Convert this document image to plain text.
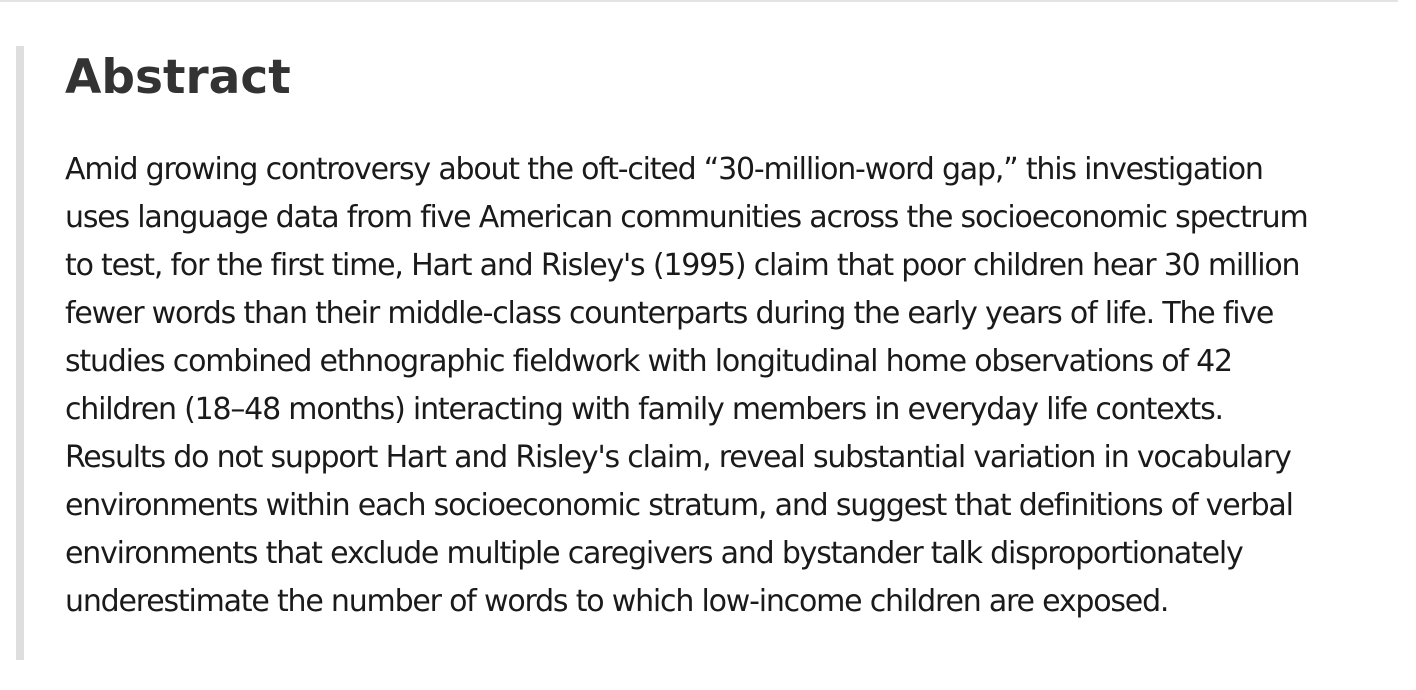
Abstract

Amid growing controversy about the oft-cited “30-million-word gap,” this investigation
uses language data from five American communities across the socioeconomic spectrum
to test, for the first time, Hart and Risley's (1995) claim that poor children hear 30 million
fewer words than their middle-class counterparts during the early years of life. The five
studies combined ethnographic fieldwork with longitudinal home observations of 42
children (18–48 months) interacting with family members in everyday life contexts.
Results do not support Hart and Risley's claim, reveal substantial variation in vocabulary
environments within each socioeconomic stratum, and suggest that definitions of verbal
environments that exclude multiple caregivers and bystander talk disproportionately
underestimate the number of words to which low-income children are exposed.
